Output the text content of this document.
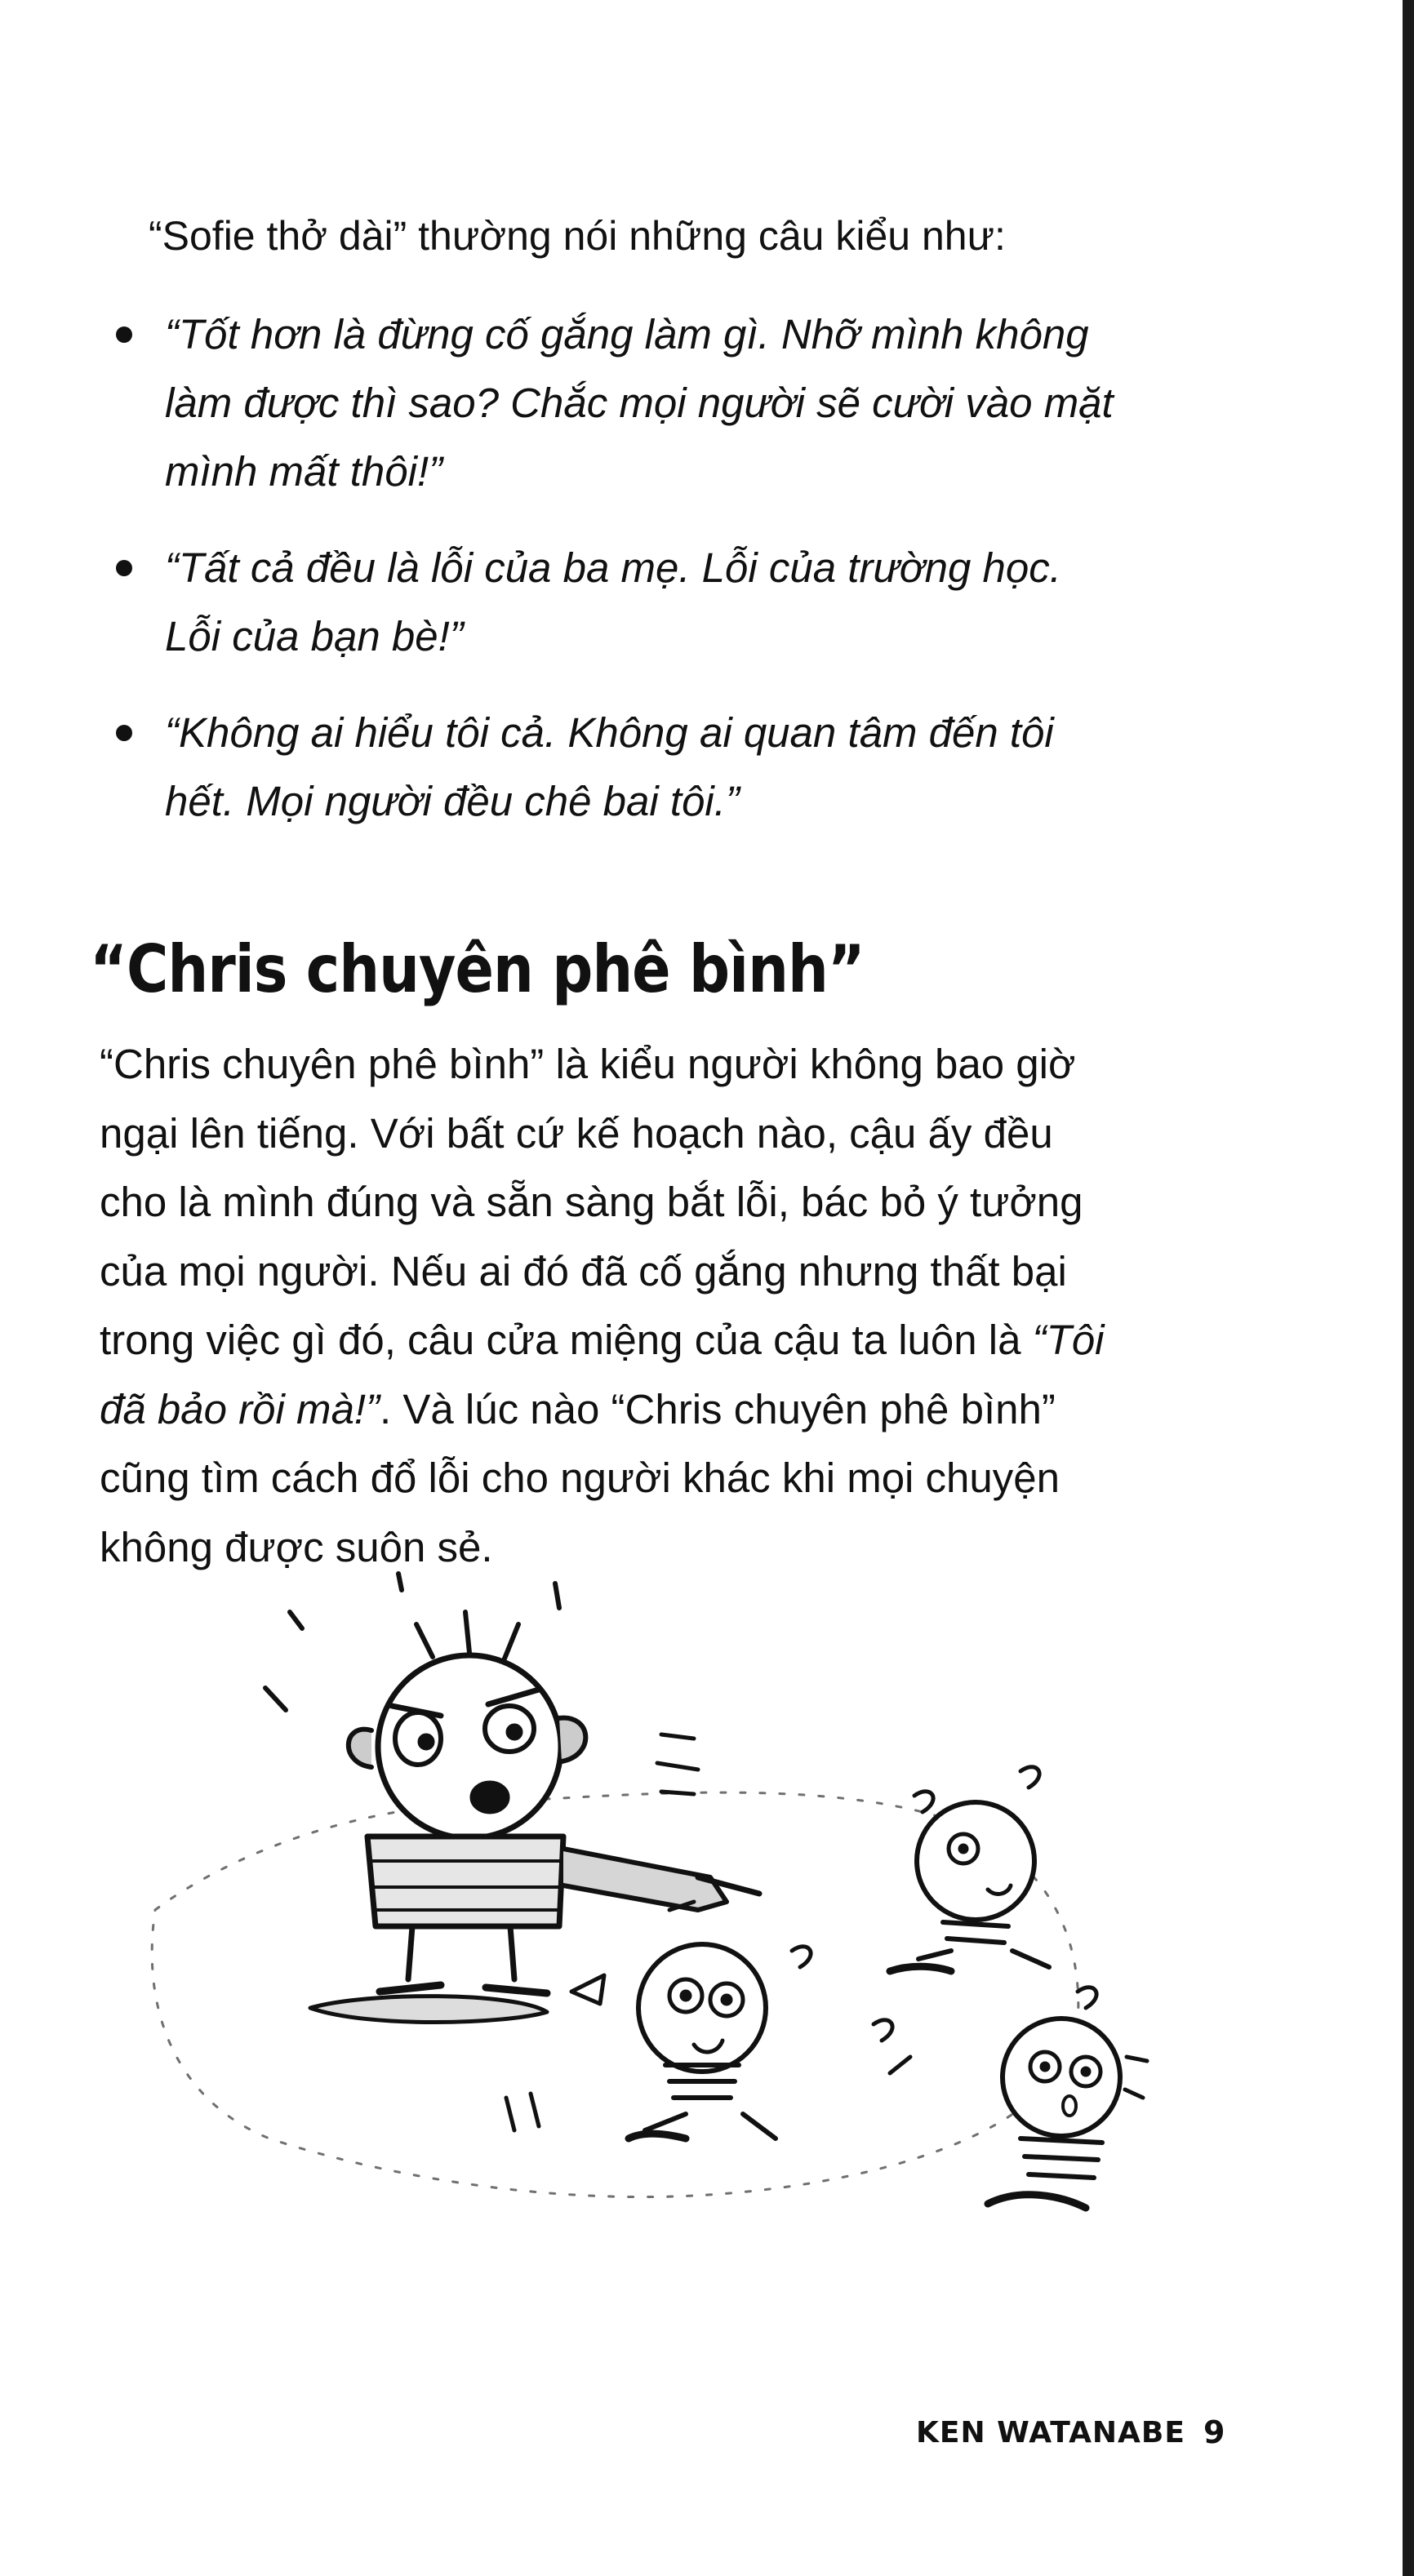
“Sofie thở dài” thường nói những câu kiểu như:
“Tốt hơn là đừng cố gắng làm gì. Nhỡ mình không
làm được thì sao? Chắc mọi người sẽ cười vào mặt
mình mất thôi!”
“Tất cả đều là lỗi của ba mẹ. Lỗi của trường học.
Lỗi của bạn bè!”
“Không ai hiểu tôi cả. Không ai quan tâm đến tôi
hết. Mọi người đều chê bai tôi.”
“Chris chuyên phê bình”

“Chris chuyên phê bình” là kiểu người không bao giờ
ngại lên tiếng. Với bất cứ kế hoạch nào, cậu ấy đều
cho là mình đúng và sẵn sàng bắt lỗi, bác bỏ ý tưởng
của mọi người. Nếu ai đó đã cố gắng nhưng thất bại
trong việc gì đó, câu cửa miệng của cậu ta luôn là “Tôi
đã bảo rồi mà!”. Và lúc nào “Chris chuyên phê bình”
cũng tìm cách đổ lỗi cho người khác khi mọi chuyện
không được suôn sẻ.

KEN WATANABE 9
